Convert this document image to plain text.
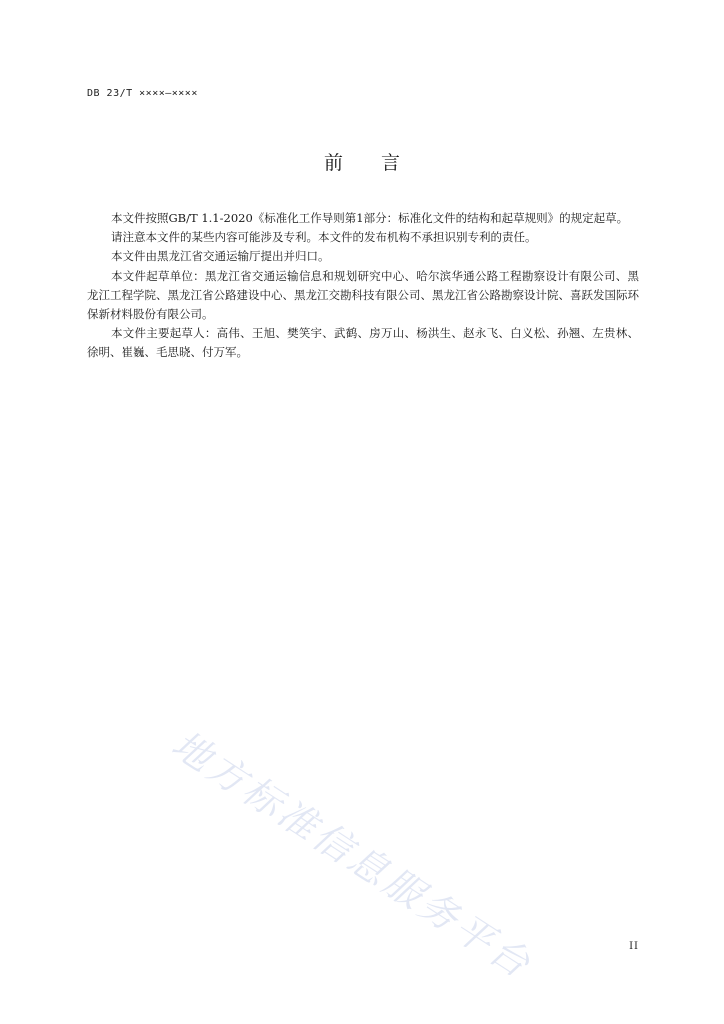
DB 23/T ××××—××××
前言

本文件按照GB/T 1.1-2020《标准化工作导则第1部分：标准化文件的结构和起草规则》的规定起草。

请注意本文件的某些内容可能涉及专利。本文件的发布机构不承担识别专利的责任。

本文件由黑龙江省交通运输厅提出并归口。

本文件起草单位：黑龙江省交通运输信息和规划研究中心、哈尔滨华通公路工程勘察设计有限公司、黑龙江工程学院、黑龙江省公路建设中心、黑龙江交勘科技有限公司、黑龙江省公路勘察设计院、喜跃发国际环保新材料股份有限公司。

本文件主要起草人：高伟、王旭、樊笑宇、武鹤、房万山、杨洪生、赵永飞、白义松、孙翘、左贵林、徐明、崔巍、毛思晓、付万军。

地方标准信息服务平台	II
